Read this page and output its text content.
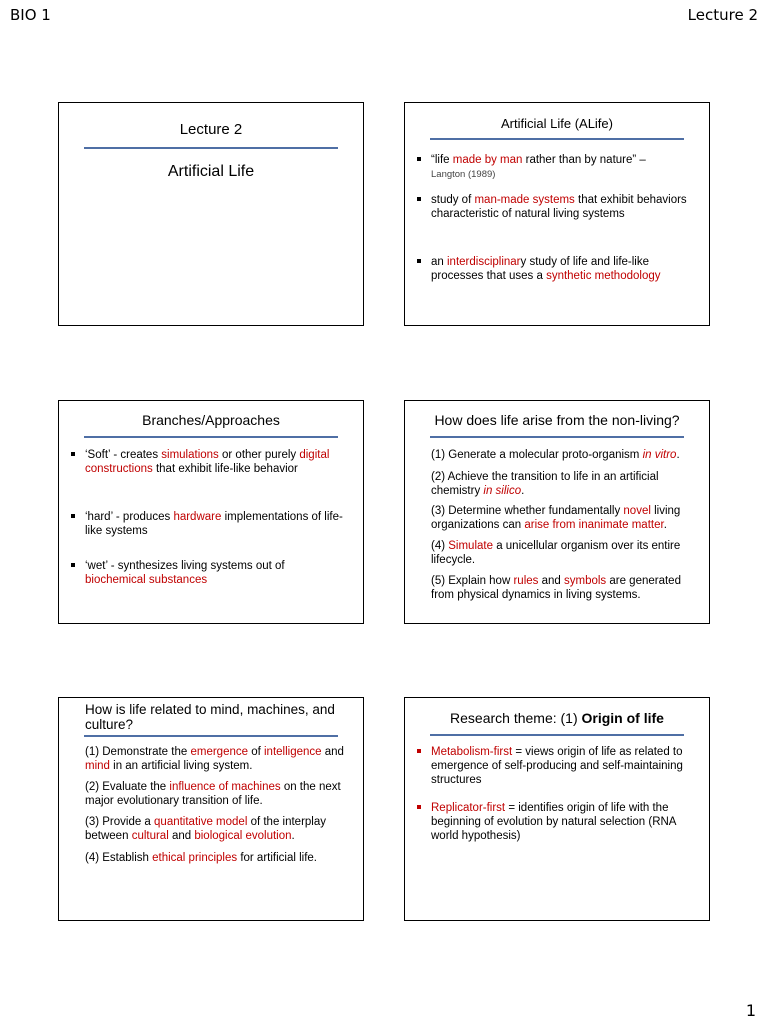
BIO 1	Lecture 2
Lecture 2
Artificial Life
Artificial Life (ALife)
“life made by man rather than by nature” –
Langton (1989)
study of man-made systems that exhibit behaviors characteristic of natural living systems
an interdisciplinary study of life and life-like processes that uses a synthetic methodology
Branches/Approaches
‘Soft’ - creates simulations or other purely digital constructions that exhibit life-like behavior
‘hard’ - produces hardware implementations of life-like systems
‘wet’ - synthesizes living systems out of biochemical substances
How does life arise from the non-living?
(1) Generate a molecular proto-organism in vitro.
(2) Achieve the transition to life in an artificial chemistry in silico.
(3) Determine whether fundamentally novel living organizations can arise from inanimate matter.
(4) Simulate a unicellular organism over its entire lifecycle.
(5) Explain how rules and symbols are generated from physical dynamics in living systems.
How is life related to mind, machines, and culture?
(1) Demonstrate the emergence of intelligence and mind in an artificial living system.
(2) Evaluate the influence of machines on the next major evolutionary transition of life.
(3) Provide a quantitative model of the interplay between cultural and biological evolution.
(4) Establish ethical principles for artificial life.
Research theme: (1) Origin of life
Metabolism-first = views origin of life as related to emergence of self-producing and self-maintaining structures
Replicator-first = identifies origin of life with the beginning of evolution by natural selection (RNA world hypothesis)
1
